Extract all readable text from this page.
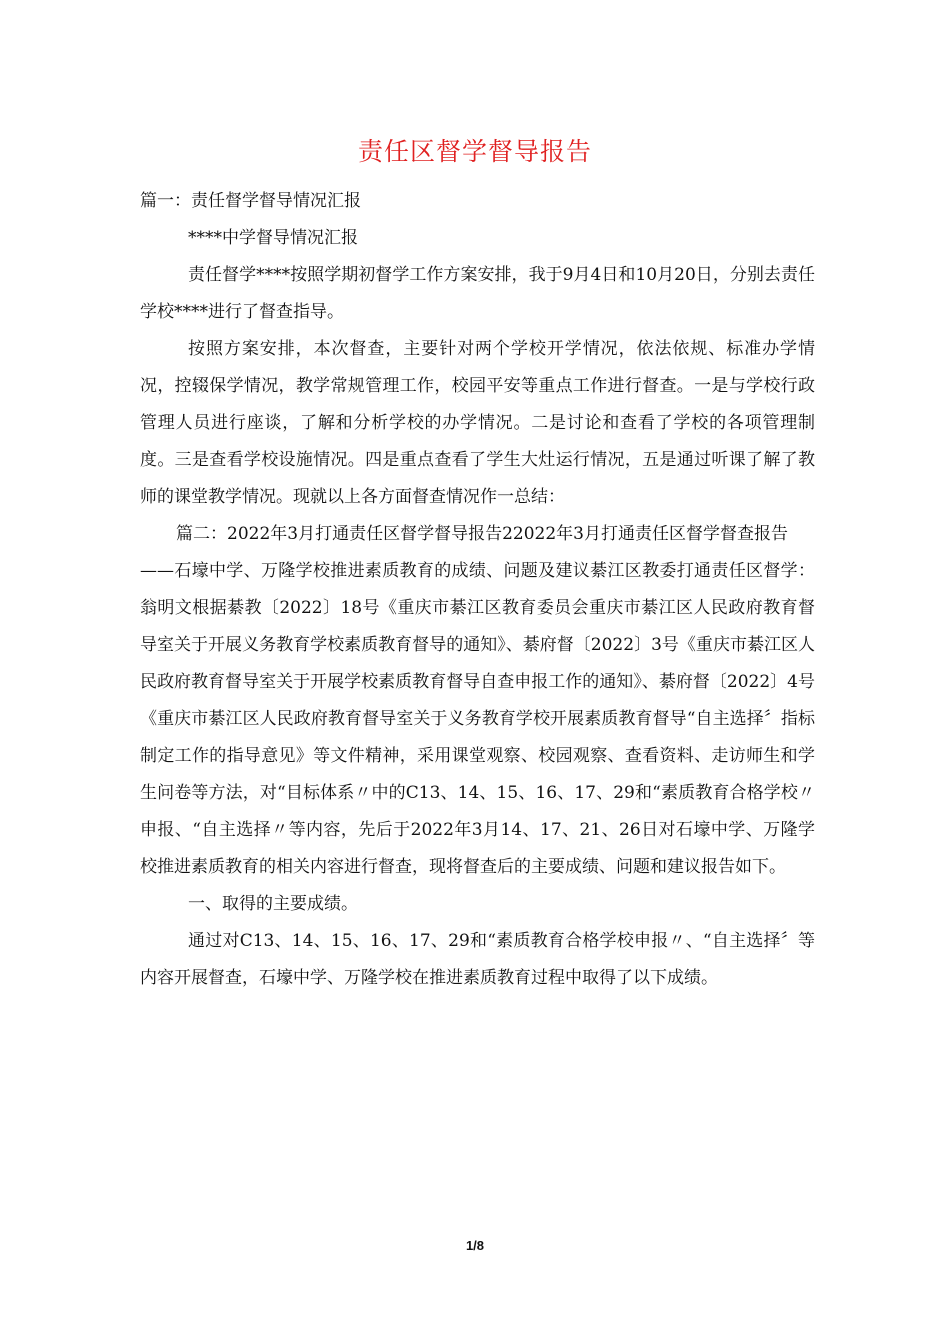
责任区督学督导报告

篇一：责任督学督导情况汇报

****中学督导情况汇报

责任督学****按照学期初督学工作方案安排，我于9月4日和10月20日，分别去责任学校****进行了督查指导。

按照方案安排，本次督查，主要针对两个学校开学情况，依法依规、标准办学情况，控辍保学情况，教学常规管理工作，校园平安等重点工作进行督查。一是与学校行政管理人员进行座谈，了解和分析学校的办学情况。二是讨论和查看了学校的各项管理制度。三是查看学校设施情况。四是重点查看了学生大灶运行情况，五是通过听课了解了教师的课堂教学情况。现就以上各方面督查情况作一总结：

篇二：2022年3月打通责任区督学督导报告22022年3月打通责任区督学督查报告

——石壕中学、万隆学校推进素质教育的成绩、问题及建议綦江区教委打通责任区督学：翁明文根据綦教〔2022〕18号《重庆市綦江区教育委员会重庆市綦江区人民政府教育督导室关于开展义务教育学校素质教育督导的通知》、綦府督〔2022〕3号《重庆市綦江区人民政府教育督导室关于开展学校素质教育督导自查申报工作的通知》、綦府督〔2022〕4号《重庆市綦江区人民政府教育督导室关于义务教育学校开展素质教育督导“自主选择〞指标制定工作的指导意见》等文件精神，采用课堂观察、校园观察、查看资料、走访师生和学生问卷等方法，对“目标体系〃中的C13、14、15、16、17、29和“素质教育合格学校〃申报、“自主选择〃等内容，先后于2022年3月14、17、21、26日对石壕中学、万隆学校推进素质教育的相关内容进行督查，现将督查后的主要成绩、问题和建议报告如下。

一、取得的主要成绩。

通过对C13、14、15、16、17、29和“素质教育合格学校申报〃、“自主选择〞等内容开展督查，石壕中学、万隆学校在推进素质教育过程中取得了以下成绩。

1/8
